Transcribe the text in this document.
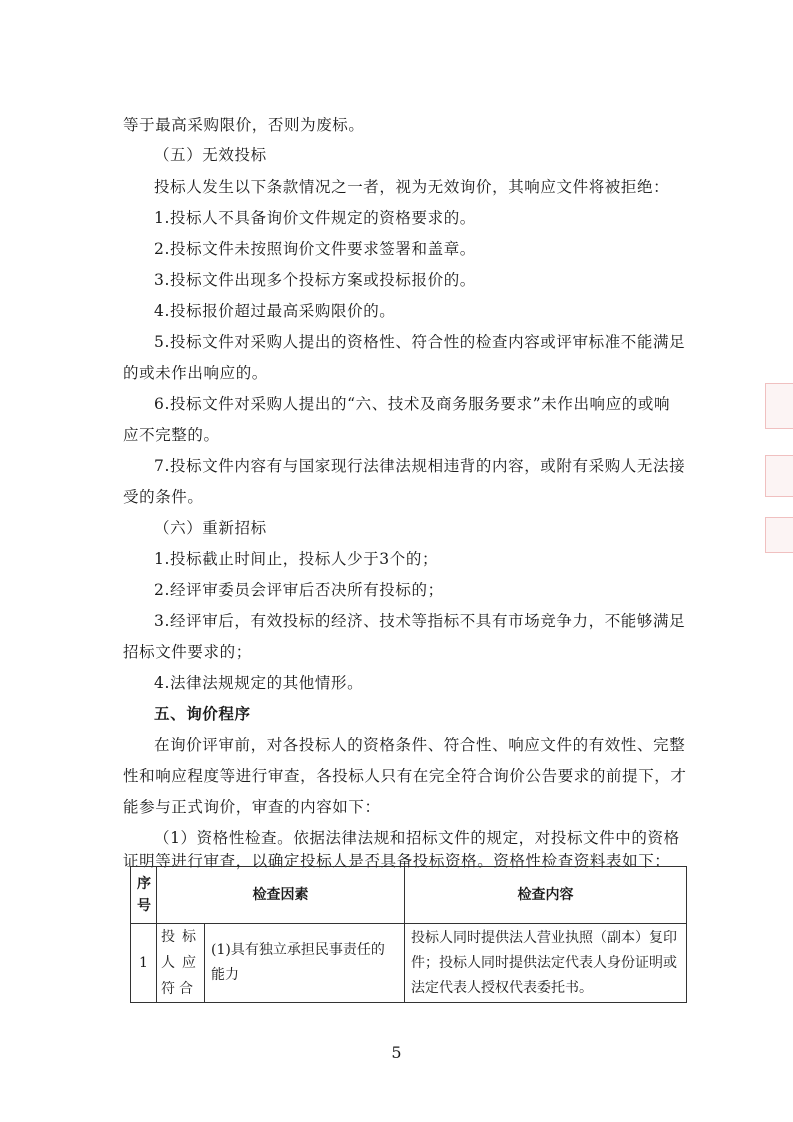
等于最高采购限价，否则为废标。
（五）无效投标
投标人发生以下条款情况之一者，视为无效询价，其响应文件将被拒绝：
1.投标人不具备询价文件规定的资格要求的。
2.投标文件未按照询价文件要求签署和盖章。
3.投标文件出现多个投标方案或投标报价的。
4.投标报价超过最高采购限价的。
5.投标文件对采购人提出的资格性、符合性的检查内容或评审标准不能满足
的或未作出响应的。
6.投标文件对采购人提出的“六、技术及商务服务要求”未作出响应的或响
应不完整的。
7.投标文件内容有与国家现行法律法规相违背的内容，或附有采购人无法接
受的条件。
（六）重新招标
1.投标截止时间止，投标人少于3个的；
2.经评审委员会评审后否决所有投标的；
3.经评审后，有效投标的经济、技术等指标不具有市场竞争力，不能够满足
招标文件要求的；
4.法律法规规定的其他情形。
五、询价程序
在询价评审前，对各投标人的资格条件、符合性、响应文件的有效性、完整
性和响应程度等进行审查，各投标人只有在完全符合询价公告要求的前提下，才
能参与正式询价，审查的内容如下：
（1）资格性检查。依据法律法规和招标文件的规定，对投标文件中的资格
证明等进行审查，以确定投标人是否具备投标资格。资格性检查资料表如下：
序号	检查因素		检查内容
1	投标人应符合	(1)具有独立承担民事责任的能力	投标人同时提供法人营业执照（副本）复印件；投标人同时提供法定代表人身份证明或法定代表人授权代表委托书。
5
